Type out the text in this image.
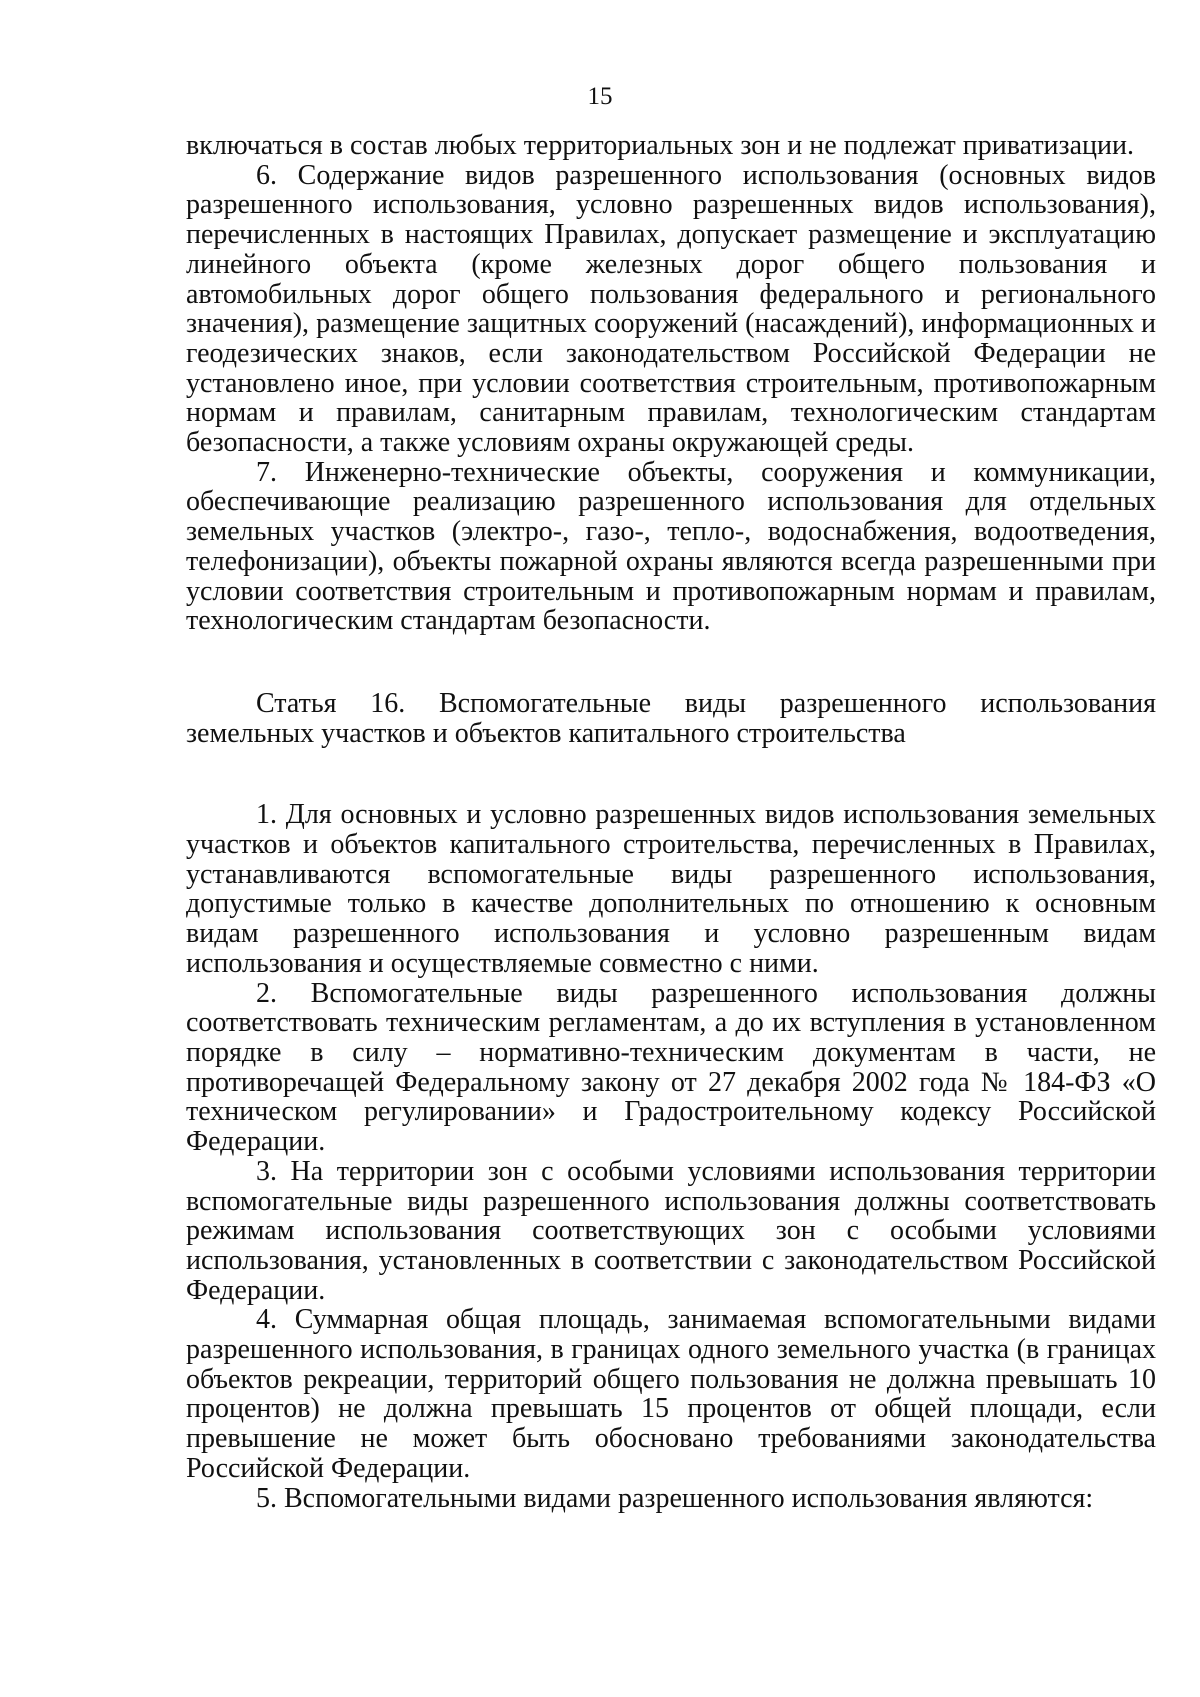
15

включаться в состав любых территориальных зон и не подлежат приватизации.

6. Содержание видов разрешенного использования (основных видов разрешенного использования, условно разрешенных видов использования), перечисленных в настоящих Правилах, допускает размещение и эксплуатацию линейного объекта (кроме железных дорог общего пользования и автомобильных дорог общего пользования федерального и регионального значения), размещение защитных сооружений (насаждений), информационных и геодезических знаков, если законодательством Российской Федерации не установлено иное, при условии соответствия строительным, противопожарным нормам и правилам, санитарным правилам, технологическим стандартам безопасности, а также условиям охраны окружающей среды.

7. Инженерно-технические объекты, сооружения и коммуникации, обеспечивающие реализацию разрешенного использования для отдельных земельных участков (электро-, газо-, тепло-, водоснабжения, водоотведения, телефонизации), объекты пожарной охраны являются всегда разрешенными при условии соответствия строительным и противопожарным нормам и правилам, технологическим стандартам безопасности.

Статья 16. Вспомогательные виды разрешенного использования земельных участков и объектов капитального строительства

1. Для основных и условно разрешенных видов использования земельных участков и объектов капитального строительства, перечисленных в Правилах, устанавливаются вспомогательные виды разрешенного использования, допустимые только в качестве дополнительных по отношению к основным видам разрешенного использования и условно разрешенным видам использования и осуществляемые совместно с ними.

2. Вспомогательные виды разрешенного использования должны соответствовать техническим регламентам, а до их вступления в установленном порядке в силу – нормативно-техническим документам в части, не противоречащей Федеральному закону от 27 декабря 2002 года № 184-ФЗ «О техническом регулировании» и Градостроительному кодексу Российской Федерации.

3. На территории зон с особыми условиями использования территории вспомогательные виды разрешенного использования должны соответствовать режимам использования соответствующих зон с особыми условиями использования, установленных в соответствии с законодательством Российской Федерации.

4. Суммарная общая площадь, занимаемая вспомогательными видами разрешенного использования, в границах одного земельного участка (в границах объектов рекреации, территорий общего пользования не должна превышать 10 процентов) не должна превышать 15 процентов от общей площади, если превышение не может быть обосновано требованиями законодательства Российской Федерации.

5. Вспомогательными видами разрешенного использования являются:
